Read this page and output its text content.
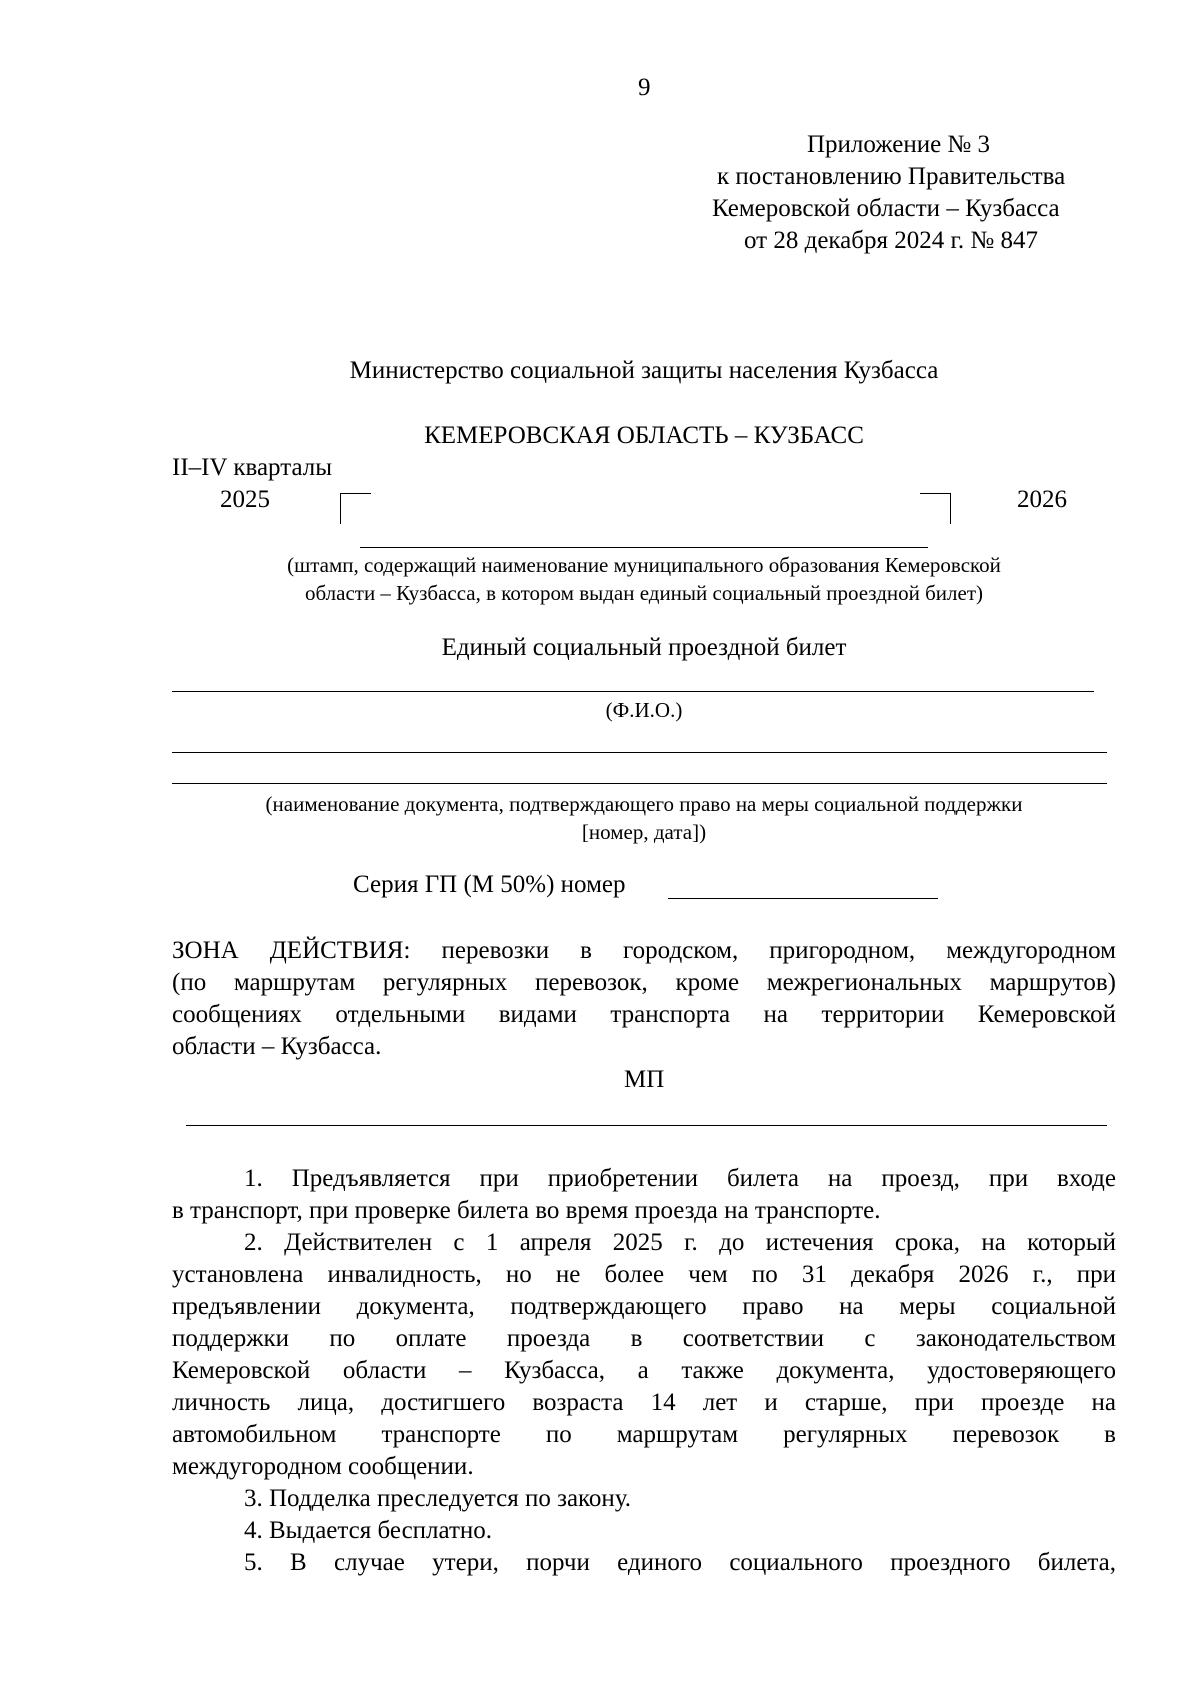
9
Приложение № 3
к постановлению Правительства
Кемеровской области – Кузбасса
от 28 декабря 2024 г. № 847
Министерство социальной защиты населения Кузбасса
КЕМЕРОВСКАЯ ОБЛАСТЬ – КУЗБАСС
II–IV кварталы
2025	2026
(штамп, содержащий наименование муниципального образования Кемеровской
области – Кузбасса, в котором выдан единый социальный проездной билет)
Единый социальный проездной билет
(Ф.И.О.)
(наименование документа, подтверждающего право на меры социальной поддержки
[номер, дата])
Серия ГП (М 50%) номер
ЗОНА ДЕЙСТВИЯ: перевозки в городском, пригородном, междугородном
(по маршрутам регулярных перевозок, кроме межрегиональных маршрутов)
сообщениях отдельными видами транспорта на территории Кемеровской
области – Кузбасса.
МП
1. Предъявляется при приобретении билета на проезд, при входе
в транспорт, при проверке билета во время проезда на транспорте.
2. Действителен с 1 апреля 2025 г. до истечения срока, на который
установлена инвалидность, но не более чем по 31 декабря 2026 г., при
предъявлении документа, подтверждающего право на меры социальной
поддержки по оплате проезда в соответствии с законодательством
Кемеровской области – Кузбасса, а также документа, удостоверяющего
личность лица, достигшего возраста 14 лет и старше, при проезде на
автомобильном транспорте по маршрутам регулярных перевозок в
междугородном сообщении.
3. Подделка преследуется по закону.
4. Выдается бесплатно.
5. В случае утери, порчи единого социального проездного билета,
